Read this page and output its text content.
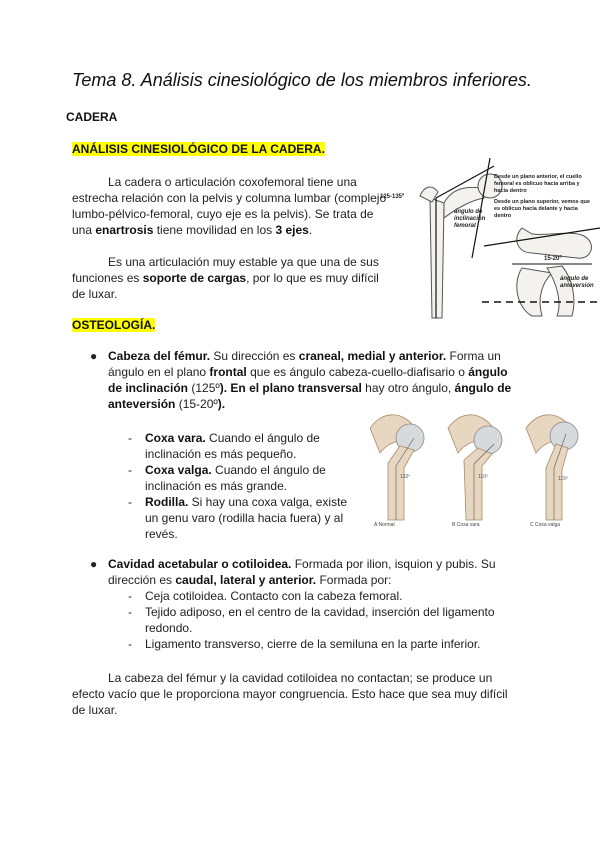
Tema 8. Análisis cinesiológico de los miembros inferiores.
CADERA
ANÁLISIS CINESIOLÓGICO DE LA CADERA.
La cadera o articulación coxofemoral tiene una
estrecha relación con la pelvis y columna lumbar (complejo
lumbo-pélvico-femoral, cuyo eje es la pelvis). Se trata de
una enartrosis tiene movilidad en los 3 ejes.
Es una articulación muy estable ya que una de sus
funciones es soporte de cargas, por lo que es muy difícil
de luxar.
OSTEOLOGÍA.
● Cabeza del fémur. Su dirección es craneal, medial y anterior. Forma un
ángulo en el plano frontal que es ángulo cabeza-cuello-diafisario o ángulo
de inclinación (125º). En el plano transversal hay otro ángulo, ángulo de
anteversión (15-20º).
- Coxa vara. Cuando el ángulo de
inclinación es más pequeño.
- Coxa valga. Cuando el ángulo de
inclinación es más grande.
- Rodilla. Si hay una coxa valga, existe
un genu varo (rodilla hacia fuera) y al
revés.
● Cavidad acetabular o cotiloidea. Formada por ilion, isquion y pubis. Su
dirección es caudal, lateral y anterior. Formada por:
- Ceja cotiloidea. Contacto con la cabeza femoral.
- Tejido adiposo, en el centro de la cavidad, inserción del ligamento
redondo.
- Ligamento transverso, cierre de la semiluna en la parte inferior.
La cabeza del fémur y la cavidad cotiloidea no contactan; se produce un
efecto vacío que le proporciona mayor congruencia. Esto hace que sea muy difícil
de luxar.
125-135º
ángulo de
inclinación
femoral
Desde un plano anterior, el cuello
femoral es oblicuo hacia arriba y
hacia dentro
Desde un plano superior, vemos que
es oblicuo hacia delante y hacia
dentro
15-20º
ángulo de
anteversión
132º
A Normal
110º
B Coxa vara
115º
C Coxa valga
